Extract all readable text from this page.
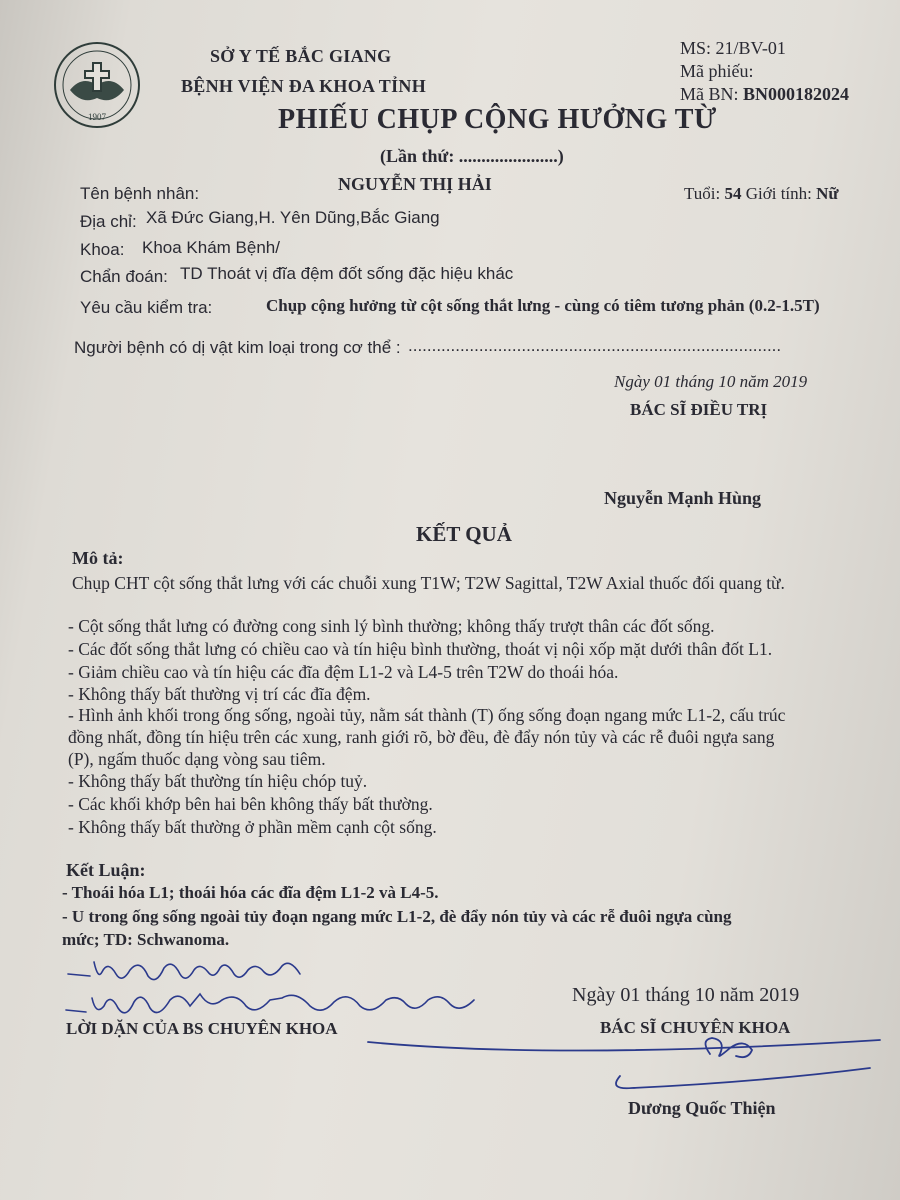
1907
SỞ Y TẾ BẮC GIANG
BỆNH VIỆN ĐA KHOA TỈNH
MS: 21/BV-01
Mã phiếu:
Mã BN: BN000182024
PHIẾU CHỤP CỘNG HƯỞNG TỪ
(Lần thứ: ......................)
Tên bệnh nhân:	NGUYỄN THỊ HẢI	Tuổi: 54 Giới tính: Nữ
Địa chỉ: Xã Đức Giang,H. Yên Dũng,Bắc Giang
Khoa: Khoa Khám Bệnh/
Chẩn đoán: TD Thoát vị đĩa đệm đốt sống đặc hiệu khác
Yêu cầu kiểm tra:	Chụp cộng hưởng từ cột sống thắt lưng - cùng có tiêm tương phản (0.2-1.5T)
Người bệnh có dị vật kim loại trong cơ thể : ...............................................................................
Ngày 01 tháng 10 năm 2019
BÁC SĨ ĐIỀU TRỊ
Nguyễn Mạnh Hùng
KẾT QUẢ
Mô tả:
Chụp CHT cột sống thắt lưng với các chuỗi xung T1W; T2W Sagittal, T2W Axial thuốc đối quang từ.
- Cột sống thắt lưng có đường cong sinh lý bình thường; không thấy trượt thân các đốt sống.
- Các đốt sống thắt lưng có chiều cao và tín hiệu bình thường, thoát vị nội xốp mặt dưới thân đốt L1.
- Giảm chiều cao và tín hiệu các đĩa đệm L1-2 và L4-5 trên T2W do thoái hóa.
- Không thấy bất thường vị trí các đĩa đệm.
- Hình ảnh khối trong ống sống, ngoài tủy, nằm sát thành (T) ống sống đoạn ngang mức L1-2, cấu trúc
đồng nhất, đồng tín hiệu trên các xung, ranh giới rõ, bờ đều, đè đẩy nón tủy và các rễ đuôi ngựa sang
(P), ngấm thuốc dạng vòng sau tiêm.
- Không thấy bất thường tín hiệu chóp tuỷ.
- Các khối khớp bên hai bên không thấy bất thường.
- Không thấy bất thường ở phần mềm cạnh cột sống.
Kết Luận:
- Thoái hóa L1; thoái hóa các đĩa đệm L1-2 và L4-5.
- U trong ống sống ngoài tủy đoạn ngang mức L1-2, đè đẩy nón tủy và các rễ đuôi ngựa cùng
mức; TD: Schwanoma.
LỜI DẶN CỦA BS CHUYÊN KHOA
Ngày 01 tháng 10 năm 2019
BÁC SĨ CHUYÊN KHOA
Dương Quốc Thiện
